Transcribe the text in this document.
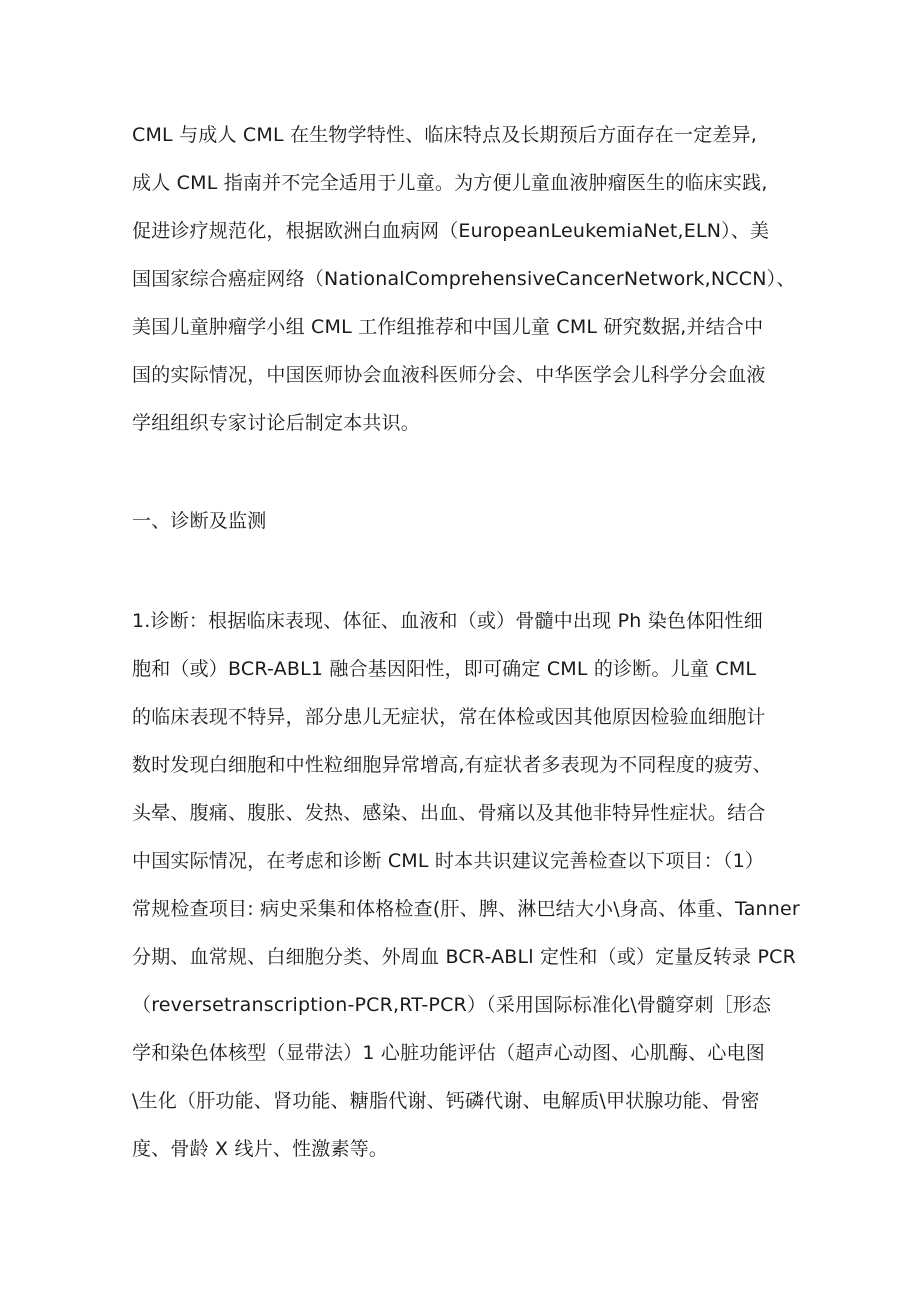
CML 与成人 CML 在生物学特性、临床特点及长期预后方面存在一定差异,
成人 CML 指南并不完全适用于儿童。为方便儿童血液肿瘤医生的临床实践,
促进诊疗规范化，根据欧洲白血病网（EuropeanLeukemiaNet,ELN）、美
国国家综合癌症网络（NationalComprehensiveCancerNetwork,NCCN）、
美国儿童肿瘤学小组 CML 工作组推荐和中国儿童 CML 研究数据,并结合中
国的实际情况，中国医师协会血液科医师分会、中华医学会儿科学分会血液
学组组织专家讨论后制定本共识。
一、诊断及监测
1.诊断：根据临床表现、体征、血液和（或）骨髓中出现 Ph 染色体阳性细
胞和（或）BCR-ABL1 融合基因阳性，即可确定 CML 的诊断。儿童 CML
的临床表现不特异，部分患儿无症状，常在体检或因其他原因检验血细胞计
数时发现白细胞和中性粒细胞异常增高,有症状者多表现为不同程度的疲劳、
头晕、腹痛、腹胀、发热、感染、出血、骨痛以及其他非特异性症状。结合
中国实际情况，在考虑和诊断 CML 时本共识建议完善检查以下项目：（1）
常规检查项目: 病史采集和体格检查(肝、脾、淋巴结大小\身高、体重、Tanner
分期、血常规、白细胞分类、外周血 BCR-ABLl 定性和（或）定量反转录 PCR
（reversetranscription-PCR,RT-PCR）（采用国际标准化\骨髓穿刺［形态
学和染色体核型（显带法）1 心脏功能评估（超声心动图、心肌酶、心电图
\生化（肝功能、肾功能、糖脂代谢、钙磷代谢、电解质\甲状腺功能、骨密
度、骨龄 X 线片、性激素等。
